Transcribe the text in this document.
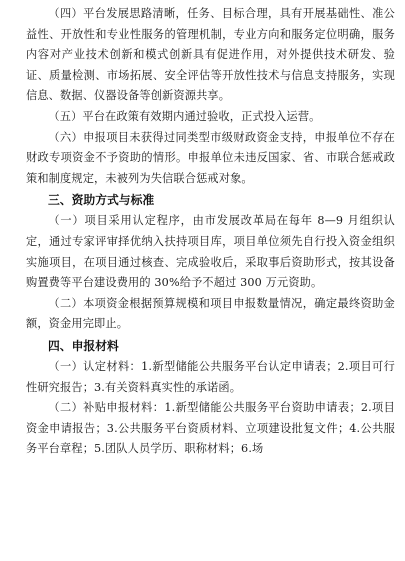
（四）平台发展思路清晰，任务、目标合理，具有开展基础性、准公益性、开放性和专业性服务的管理机制，专业方向和服务定位明确，服务内容对产业技术创新和模式创新具有促进作用，对外提供技术研发、验证、质量检测、市场拓展、安全评估等开放性技术与信息支持服务，实现信息、数据、仪器设备等创新资源共享。

（五）平台在政策有效期内通过验收，正式投入运营。

（六）申报项目未获得过同类型市级财政资金支持，申报单位不存在财政专项资金不予资助的情形。申报单位未违反国家、省、市联合惩戒政策和制度规定，未被列为失信联合惩戒对象。

三、资助方式与标准

（一）项目采用认定程序，由市发展改革局在每年 8—9 月组织认定，通过专家评审择优纳入扶持项目库，项目单位须先自行投入资金组织实施项目，在项目通过核查、完成验收后，采取事后资助形式，按其设备购置费等平台建设费用的 30%给予不超过 300 万元资助。

（二）本项资金根据预算规模和项目申报数量情况，确定最终资助金额，资金用完即止。

四、申报材料

（一）认定材料：1.新型储能公共服务平台认定申请表；2.项目可行性研究报告；3.有关资料真实性的承诺函。

（二）补贴申报材料：1.新型储能公共服务平台资助申请表；2.项目资金申请报告；3.公共服务平台资质材料、立项建设批复文件；4.公共服务平台章程；5.团队人员学历、职称材料；6.场
